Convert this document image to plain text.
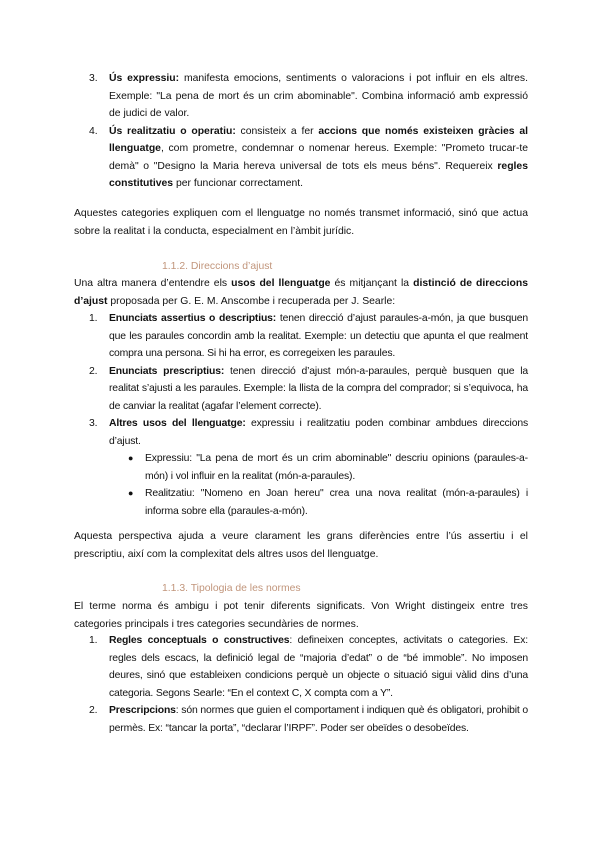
3. Ús expressiu: manifesta emocions, sentiments o valoracions i pot influir en els altres. Exemple: "La pena de mort és un crim abominable". Combina informació amb expressió de judici de valor.
4. Ús realitzatiu o operatiu: consisteix a fer accions que només existeixen gràcies al llenguatge, com prometre, condemnar o nomenar hereus. Exemple: "Prometo trucar-te demà" o "Designo la Maria hereva universal de tots els meus béns". Requereix regles constitutives per funcionar correctament.

Aquestes categories expliquen com el llenguatge no només transmet informació, sinó que actua sobre la realitat i la conducta, especialment en l’àmbit jurídic.

1.1.2. Direccions d’ajust

Una altra manera d’entendre els usos del llenguatge és mitjançant la distinció de direccions d’ajust proposada per G. E. M. Anscombe i recuperada per J. Searle:

1. Enunciats assertius o descriptius: tenen direcció d’ajust paraules-a-món, ja que busquen que les paraules concordin amb la realitat. Exemple: un detectiu que apunta el que realment compra una persona. Si hi ha error, es corregeixen les paraules.
2. Enunciats prescriptius: tenen direcció d’ajust món-a-paraules, perquè busquen que la realitat s’ajusti a les paraules. Exemple: la llista de la compra del comprador; si s’equivoca, ha de canviar la realitat (agafar l’element correcte).
3. Altres usos del llenguatge: expressiu i realitzatiu poden combinar ambdues direccions d’ajust.
● Expressiu: "La pena de mort és un crim abominable" descriu opinions (paraules-a-món) i vol influir en la realitat (món-a-paraules).
● Realitzatiu: "Nomeno en Joan hereu" crea una nova realitat (món-a-paraules) i informa sobre ella (paraules-a-món).

Aquesta perspectiva ajuda a veure clarament les grans diferències entre l’ús assertiu i el prescriptiu, així com la complexitat dels altres usos del llenguatge.

1.1.3. Tipologia de les normes

El terme norma és ambigu i pot tenir diferents significats. Von Wright distingeix entre tres categories principals i tres categories secundàries de normes.

1. Regles conceptuals o constructives: defineixen conceptes, activitats o categories. Ex: regles dels escacs, la definició legal de “majoria d’edat” o de “bé immoble”. No imposen deures, sinó que estableixen condicions perquè un objecte o situació sigui vàlid dins d’una categoria. Segons Searle: “En el context C, X compta com a Y”.
2. Prescripcions: són normes que guien el comportament i indiquen què és obligatori, prohibit o permès. Ex: “tancar la porta”, “declarar l’IRPF”. Poder ser obeïdes o desobeïdes.
